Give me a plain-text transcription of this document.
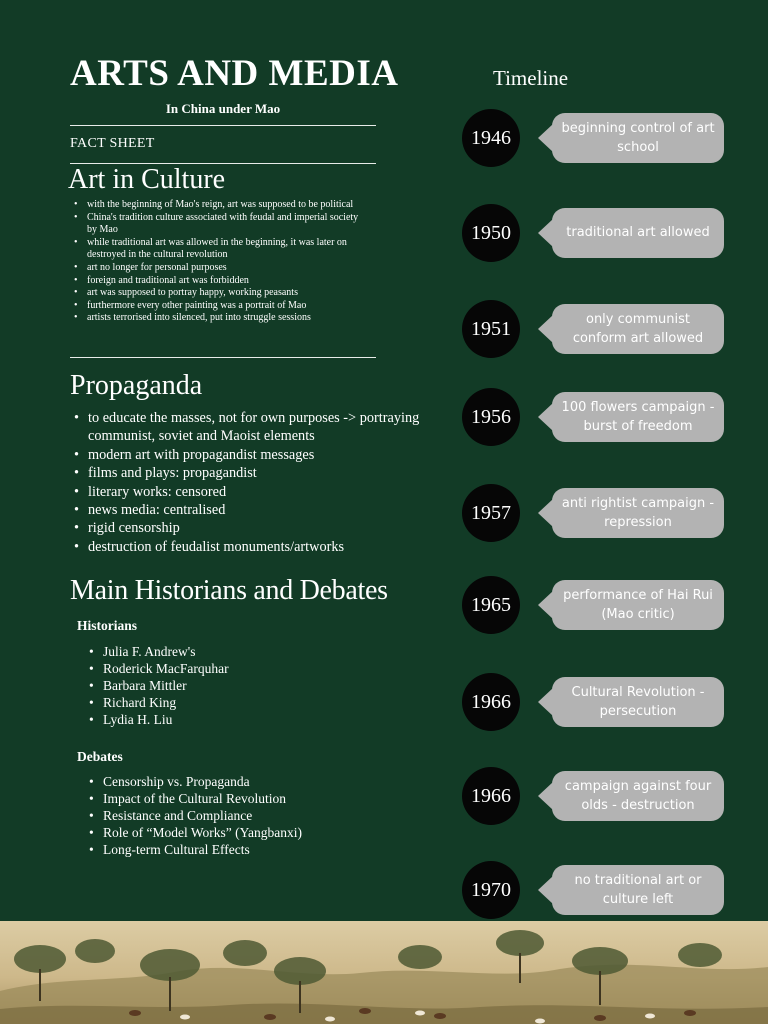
ARTS AND MEDIA
In China under Mao
FACT SHEET
Art in Culture
• with the beginning of Mao's reign, art was supposed to be political
• China's tradition culture associated with feudal and imperial society by Mao
• while traditional art was allowed in the beginning, it was later on destroyed in the cultural revolution
• art no longer for personal purposes
• foreign and traditional art was forbidden
• art was supposed to portray happy, working peasants
• furthermore every other painting was a portrait of Mao
• artists terrorised into silenced, put into struggle sessions
Propaganda
• to educate the masses, not for own purposes -> portraying communist, soviet and Maoist elements
• modern art with propagandist messages
• films and plays: propagandist
• literary works: censored
• news media: centralised
• rigid censorship
• destruction of feudalist monuments/artworks
Main Historians and Debates
Historians
• Julia F. Andrew's
• Roderick MacFarquhar
• Barbara Mittler
• Richard King
• Lydia H. Liu
Debates
• Censorship vs. Propaganda
• Impact of the Cultural Revolution
• Resistance and Compliance
• Role of “Model Works” (Yangbanxi)
• Long-term Cultural Effects
Timeline
1946	beginning control of art school
1950	traditional art allowed
1951	only communist conform art allowed
1956	100 flowers campaign - burst of freedom
1957	anti rightist campaign - repression
1965	performance of Hai Rui (Mao critic)
1966	Cultural Revolution - persecution
1966	campaign against four olds - destruction
1970	no traditional art or culture left
